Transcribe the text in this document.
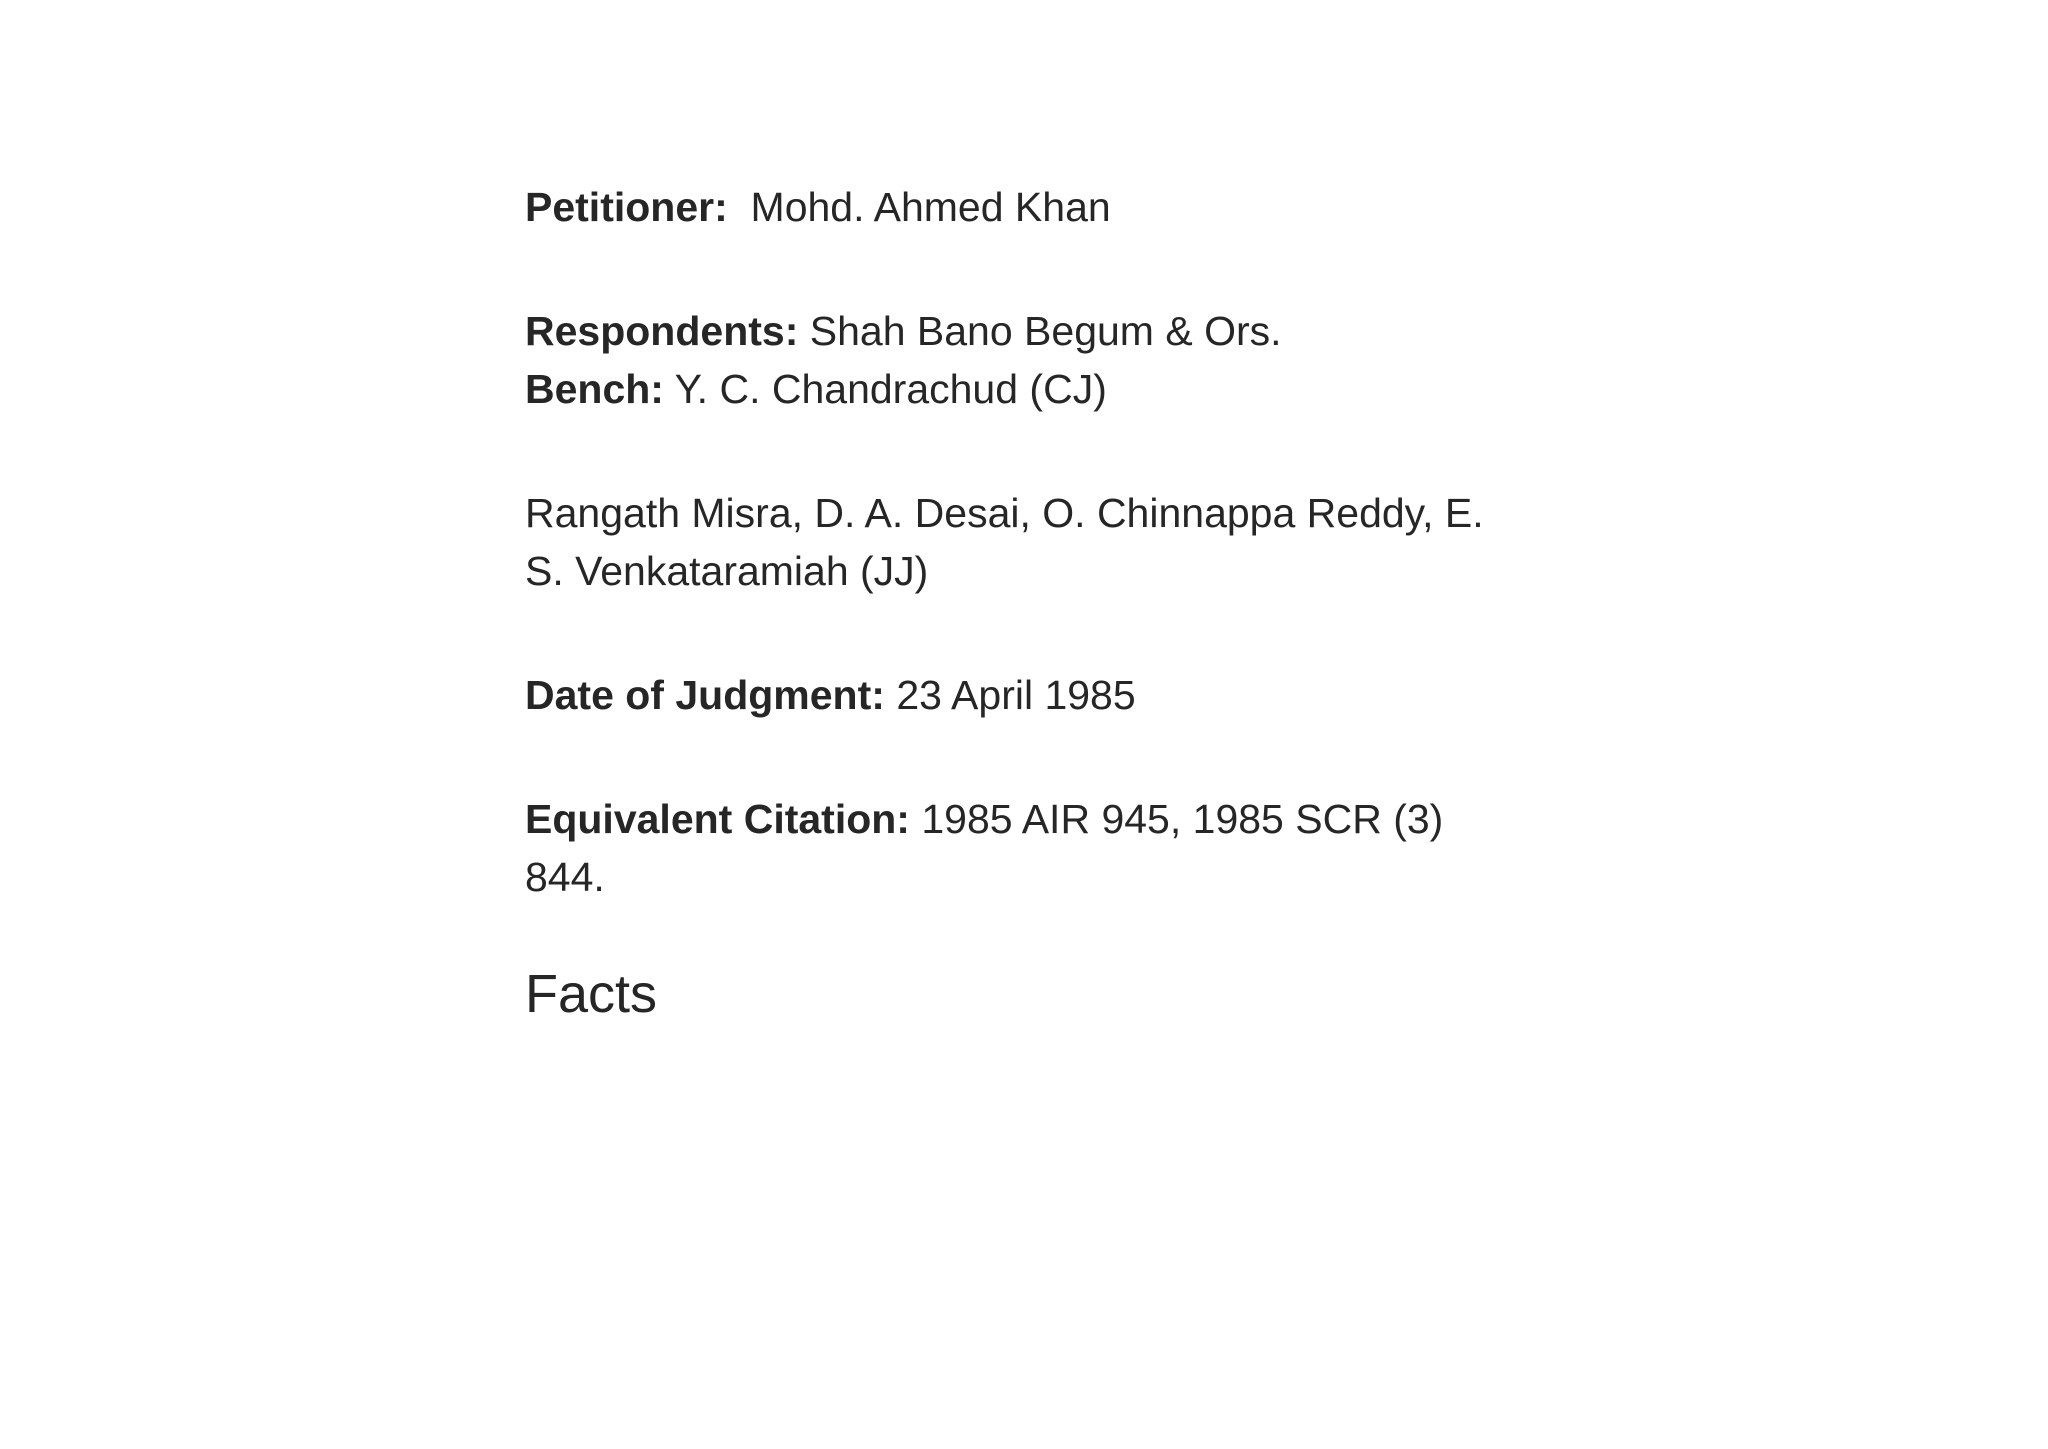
Petitioner: Mohd. Ahmed Khan

Respondents: Shah Bano Begum & Ors.

Bench: Y. C. Chandrachud (CJ)

Rangath Misra, D. A. Desai, O. Chinnappa Reddy, E.

S. Venkataramiah (JJ)

Date of Judgment: 23 April 1985

Equivalent Citation: 1985 AIR 945, 1985 SCR (3)

844.

Facts
